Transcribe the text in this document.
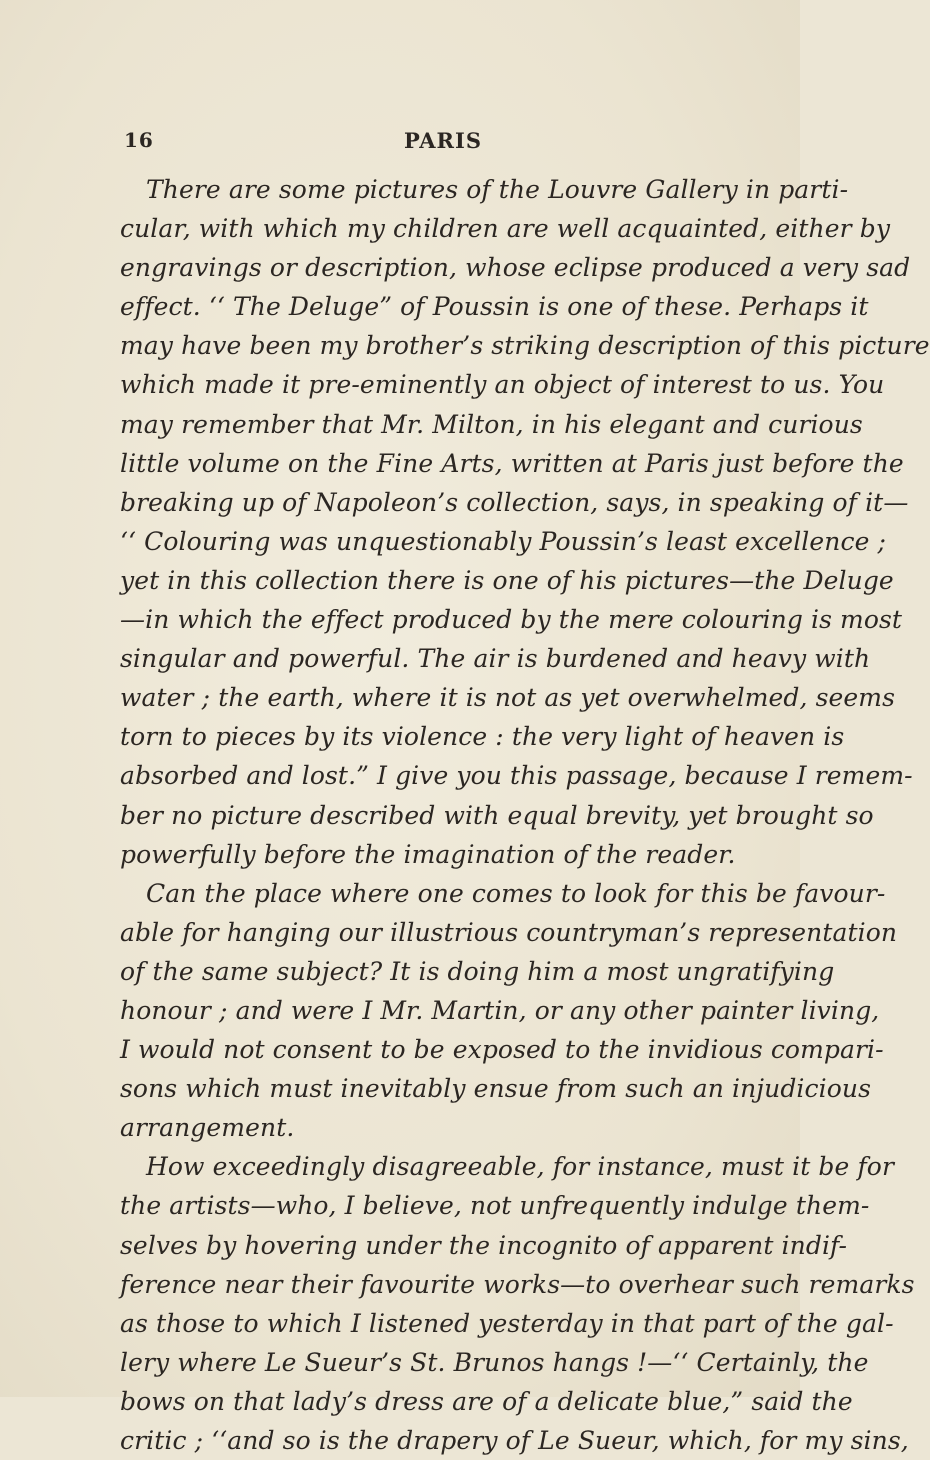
16	PARIS
There are some pictures of the Louvre Gallery in parti-
cular, with which my children are well acquainted, either by
engravings or description, whose eclipse produced a very sad
effect. ‘‘ The Deluge” of Poussin is one of these. Perhaps it
may have been my brother’s striking description of this picture
which made it pre-eminently an object of interest to us. You
may remember that Mr. Milton, in his elegant and curious
little volume on the Fine Arts, written at Paris just before the
breaking up of Napoleon’s collection, says, in speaking of it—
‘‘ Colouring was unquestionably Poussin’s least excellence ;
yet in this collection there is one of his pictures—the Deluge
—in which the effect produced by the mere colouring is most
singular and powerful. The air is burdened and heavy with
water ; the earth, where it is not as yet overwhelmed, seems
torn to pieces by its violence : the very light of heaven is
absorbed and lost.” I give you this passage, because I remem-
ber no picture described with equal brevity, yet brought so
powerfully before the imagination of the reader.
Can the place where one comes to look for this be favour-
able for hanging our illustrious countryman’s representation
of the same subject? It is doing him a most ungratifying
honour ; and were I Mr. Martin, or any other painter living,
I would not consent to be exposed to the invidious compari-
sons which must inevitably ensue from such an injudicious
arrangement.
How exceedingly disagreeable, for instance, must it be for
the artists—who, I believe, not unfrequently indulge them-
selves by hovering under the incognito of apparent indif-
ference near their favourite works—to overhear such remarks
as those to which I listened yesterday in that part of the gal-
lery where Le Sueur’s St. Brunos hangs !—‘‘ Certainly, the
bows on that lady’s dress are of a delicate blue,” said the
critic ; ‘‘and so is the drapery of Le Sueur, which, for my sins,
